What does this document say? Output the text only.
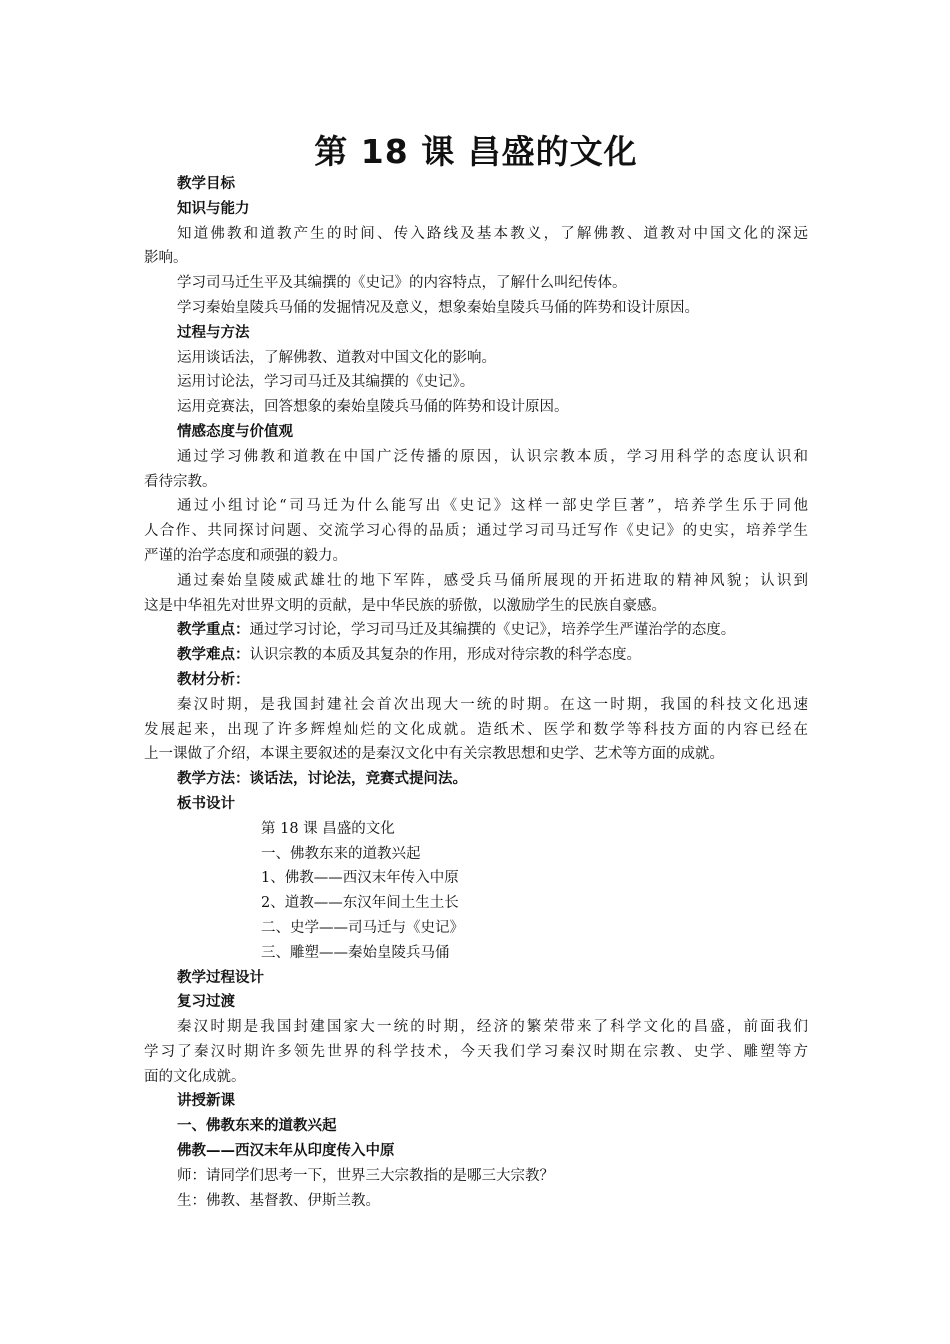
第 18 课 昌盛的文化
教学目标
知识与能力
知道佛教和道教产生的时间、传入路线及基本教义，了解佛教、道教对中国文化的深远
影响。
学习司马迁生平及其编撰的《史记》的内容特点，了解什么叫纪传体。
学习秦始皇陵兵马俑的发掘情况及意义，想象秦始皇陵兵马俑的阵势和设计原因。
过程与方法
运用谈话法，了解佛教、道教对中国文化的影响。
运用讨论法，学习司马迁及其编撰的《史记》。
运用竞赛法，回答想象的秦始皇陵兵马俑的阵势和设计原因。
情感态度与价值观
通过学习佛教和道教在中国广泛传播的原因，认识宗教本质，学习用科学的态度认识和
看待宗教。
通过小组讨论“司马迁为什么能写出《史记》这样一部史学巨著”，培养学生乐于同他
人合作、共同探讨问题、交流学习心得的品质；通过学习司马迁写作《史记》的史实，培养学生
严谨的治学态度和顽强的毅力。
通过秦始皇陵威武雄壮的地下军阵，感受兵马俑所展现的开拓进取的精神风貌；认识到
这是中华祖先对世界文明的贡献，是中华民族的骄傲，以激励学生的民族自豪感。
教学重点：通过学习讨论，学习司马迁及其编撰的《史记》，培养学生严谨治学的态度。
教学难点：认识宗教的本质及其复杂的作用，形成对待宗教的科学态度。
教材分析：
秦汉时期，是我国封建社会首次出现大一统的时期。在这一时期，我国的科技文化迅速
发展起来，出现了许多辉煌灿烂的文化成就。造纸术、医学和数学等科技方面的内容已经在
上一课做了介绍，本课主要叙述的是秦汉文化中有关宗教思想和史学、艺术等方面的成就。
教学方法：谈话法，讨论法，竞赛式提问法。
板书设计
第 18 课 昌盛的文化
一、佛教东来的道教兴起
1、佛教——西汉末年传入中原
2、道教——东汉年间土生土长
二、史学——司马迁与《史记》
三、雕塑——秦始皇陵兵马俑
教学过程设计
复习过渡
秦汉时期是我国封建国家大一统的时期，经济的繁荣带来了科学文化的昌盛，前面我们
学习了秦汉时期许多领先世界的科学技术，今天我们学习秦汉时期在宗教、史学、雕塑等方
面的文化成就。
讲授新课
一、佛教东来的道教兴起
佛教——西汉末年从印度传入中原
师：请同学们思考一下，世界三大宗教指的是哪三大宗教？
生：佛教、基督教、伊斯兰教。
